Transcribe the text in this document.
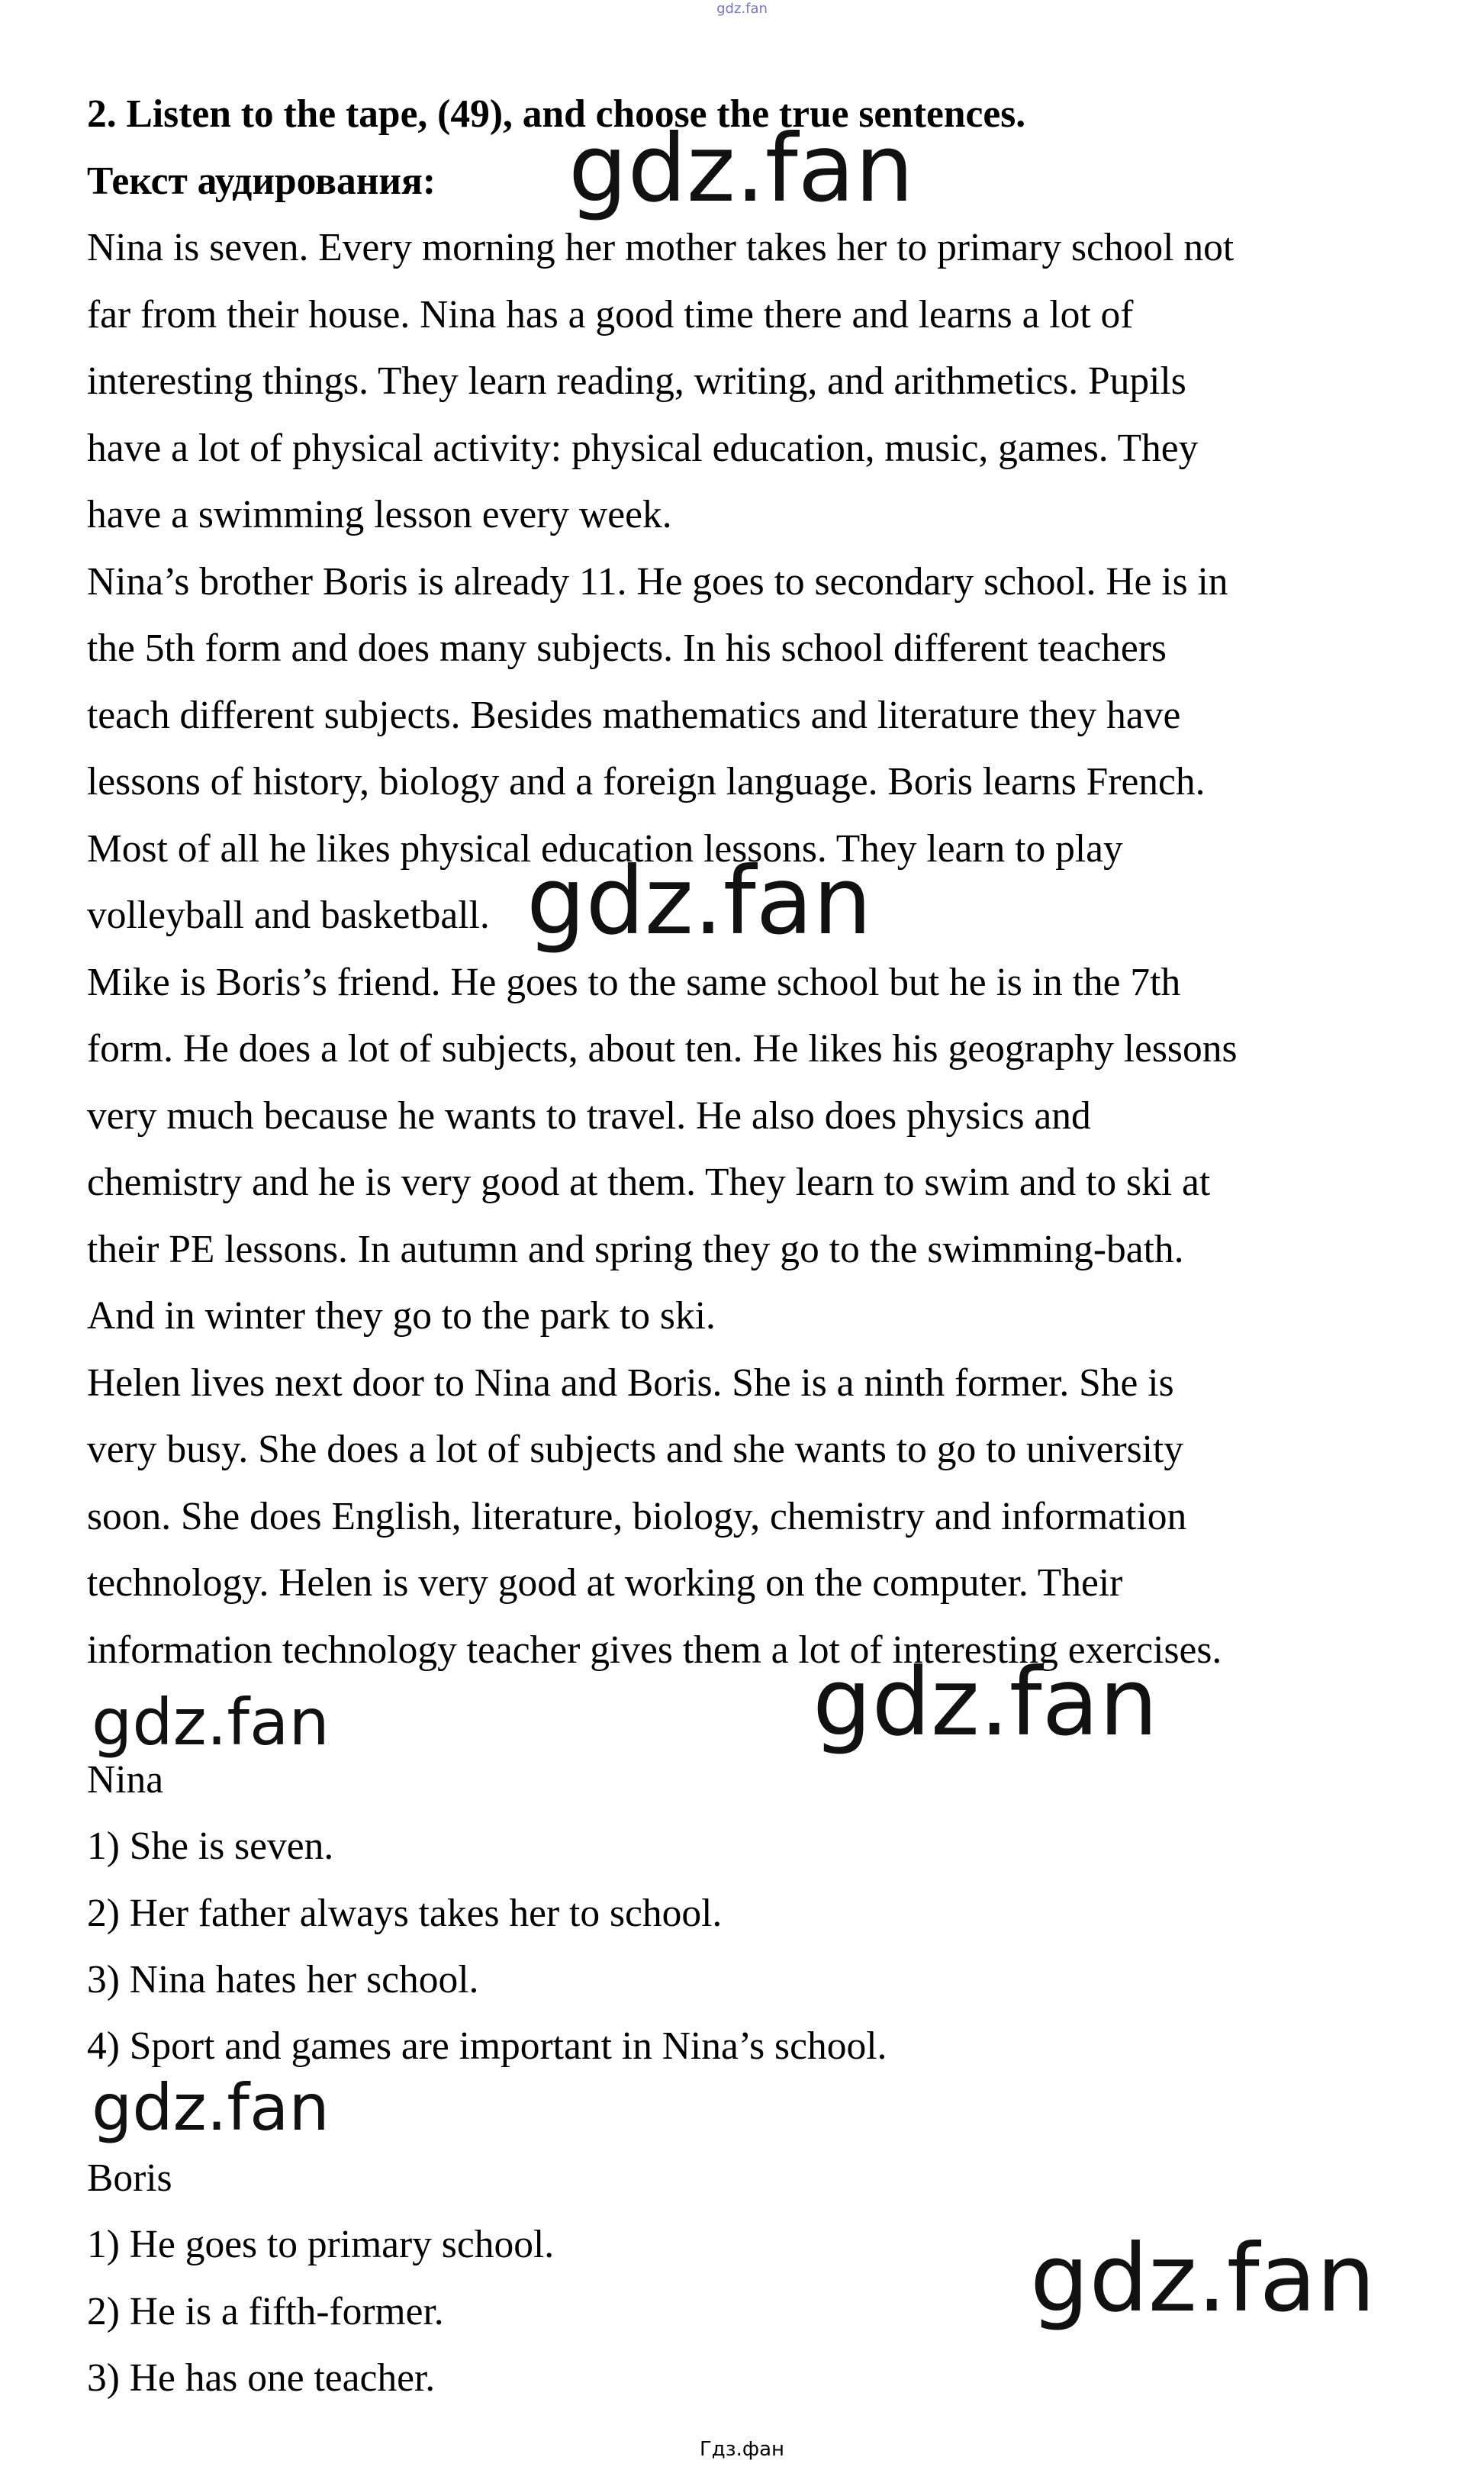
gdz.fan
2. Listen to the tape, (49), and choose the true sentences.
Текст аудирования:
Nina is seven. Every morning her mother takes her to primary school not
far from their house. Nina has a good time there and learns a lot of
interesting things. They learn reading, writing, and arithmetics. Pupils
have a lot of physical activity: physical education, music, games. They
have a swimming lesson every week.
Nina’s brother Boris is already 11. He goes to secondary school. He is in
the 5th form and does many subjects. In his school different teachers
teach different subjects. Besides mathematics and literature they have
lessons of history, biology and a foreign language. Boris learns French.
Most of all he likes physical education lessons. They learn to play
volleyball and basketball.
Mike is Boris’s friend. He goes to the same school but he is in the 7th
form. He does a lot of subjects, about ten. He likes his geography lessons
very much because he wants to travel. He also does physics and
chemistry and he is very good at them. They learn to swim and to ski at
their PE lessons. In autumn and spring they go to the swimming-bath.
And in winter they go to the park to ski.
Helen lives next door to Nina and Boris. She is a ninth former. She is
very busy. She does a lot of subjects and she wants to go to university
soon. She does English, literature, biology, chemistry and information
technology. Helen is very good at working on the computer. Their
information technology teacher gives them a lot of interesting exercises.
Nina
1) She is seven.
2) Her father always takes her to school.
3) Nina hates her school.
4) Sport and games are important in Nina’s school.
Boris
1) He goes to primary school.
2) He is a fifth-former.
3) He has one teacher.
gdz.fan
gdz.fan
gdz.fan
gdz.fan
gdz.fan
gdz.fan
Гдз.фан
